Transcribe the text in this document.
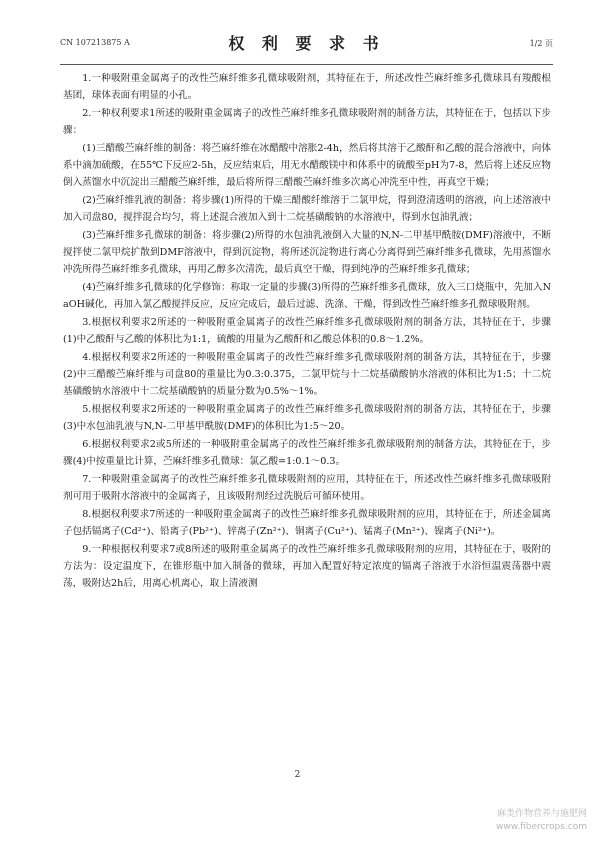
CN 107213875 A	权 利 要 求 书	1/2 页

1.一种吸附重金属离子的改性苎麻纤维多孔微球吸附剂，其特征在于，所述改性苎麻纤维多孔微球具有羧酸根基团，球体表面有明显的小孔。

2.一种权利要求1所述的吸附重金属离子的改性苎麻纤维多孔微球吸附剂的制备方法，其特征在于，包括以下步骤：

(1)三醋酸苎麻纤维的制备：将苎麻纤维在冰醋酸中溶胀2-4h，然后将其溶于乙酸酐和乙酸的混合溶液中，向体系中滴加硫酸，在55℃下反应2-5h，反应结束后，用无水醋酸镁中和体系中的硫酸至pH为7-8，然后将上述反应物倒入蒸馏水中沉淀出三醋酸苎麻纤维，最后将所得三醋酸苎麻纤维多次离心冲洗至中性，再真空干燥；

(2)苎麻纤维乳液的制备：将步骤(1)所得的干燥三醋酸纤维溶于二氯甲烷，得到澄清透明的溶液，向上述溶液中加入司盘80，搅拌混合均匀，将上述混合液加入到十二烷基磺酸钠的水溶液中，得到水包油乳液；

(3)苎麻纤维多孔微球的制备：将步骤(2)所得的水包油乳液倒入大量的N,N-二甲基甲酰胺(DMF)溶液中，不断搅拌使二氯甲烷扩散到DMF溶液中，得到沉淀物，将所述沉淀物进行离心分离得到苎麻纤维多孔微球，先用蒸馏水冲洗所得苎麻纤维多孔微球，再用乙醇多次清洗，最后真空干燥，得到纯净的苎麻纤维多孔微球；

(4)苎麻纤维多孔微球的化学修饰：称取一定量的步骤(3)所得的苎麻纤维多孔微球，放入三口烧瓶中，先加入NaOH碱化，再加入氯乙酸搅拌反应，反应完成后，最后过滤、洗涤、干燥，得到改性苎麻纤维多孔微球吸附剂。

3.根据权利要求2所述的一种吸附重金属离子的改性苎麻纤维多孔微球吸附剂的制备方法，其特征在于，步骤(1)中乙酸酐与乙酸的体积比为1:1，硫酸的用量为乙酸酐和乙酸总体积的0.8～1.2%。

4.根据权利要求2所述的一种吸附重金属离子的改性苎麻纤维多孔微球吸附剂的制备方法，其特征在于，步骤(2)中三醋酸苎麻纤维与司盘80的重量比为0.3:0.375，二氯甲烷与十二烷基磺酸钠水溶液的体积比为1:5；十二烷基磺酸钠水溶液中十二烷基磺酸钠的质量分数为0.5%～1%。

5.根据权利要求2所述的一种吸附重金属离子的改性苎麻纤维多孔微球吸附剂的制备方法，其特征在于，步骤(3)中水包油乳液与N,N-二甲基甲酰胺(DMF)的体积比为1:5～20。

6.根据权利要求2或5所述的一种吸附重金属离子的改性苎麻纤维多孔微球吸附剂的制备方法，其特征在于，步骤(4)中按重量比计算，苎麻纤维多孔微球：氯乙酸=1:0.1～0.3。

7.一种吸附重金属离子的改性苎麻纤维多孔微球吸附剂的应用，其特征在于，所述改性苎麻纤维多孔微球吸附剂可用于吸附水溶液中的金属离子，且该吸附剂经过洗脱后可循环使用。

8.根据权利要求7所述的一种吸附重金属离子的改性苎麻纤维多孔微球吸附剂的应用，其特征在于，所述金属离子包括镉离子(Cd²⁺)、铅离子(Pb²⁺)、锌离子(Zn²⁺)、铜离子(Cu²⁺)、锰离子(Mn²⁺)、镍离子(Ni²⁺)。

9.一种根据权利要求7或8所述的吸附重金属离子的改性苎麻纤维多孔微球吸附剂的应用，其特征在于，吸附的方法为：设定温度下，在锥形瓶中加入制备的微球，再加入配置好特定浓度的镉离子溶液于水浴恒温震荡器中震荡，吸附达2h后，用离心机离心，取上清液测

2
麻类作物营养与施肥网
www.fibercrops.com
